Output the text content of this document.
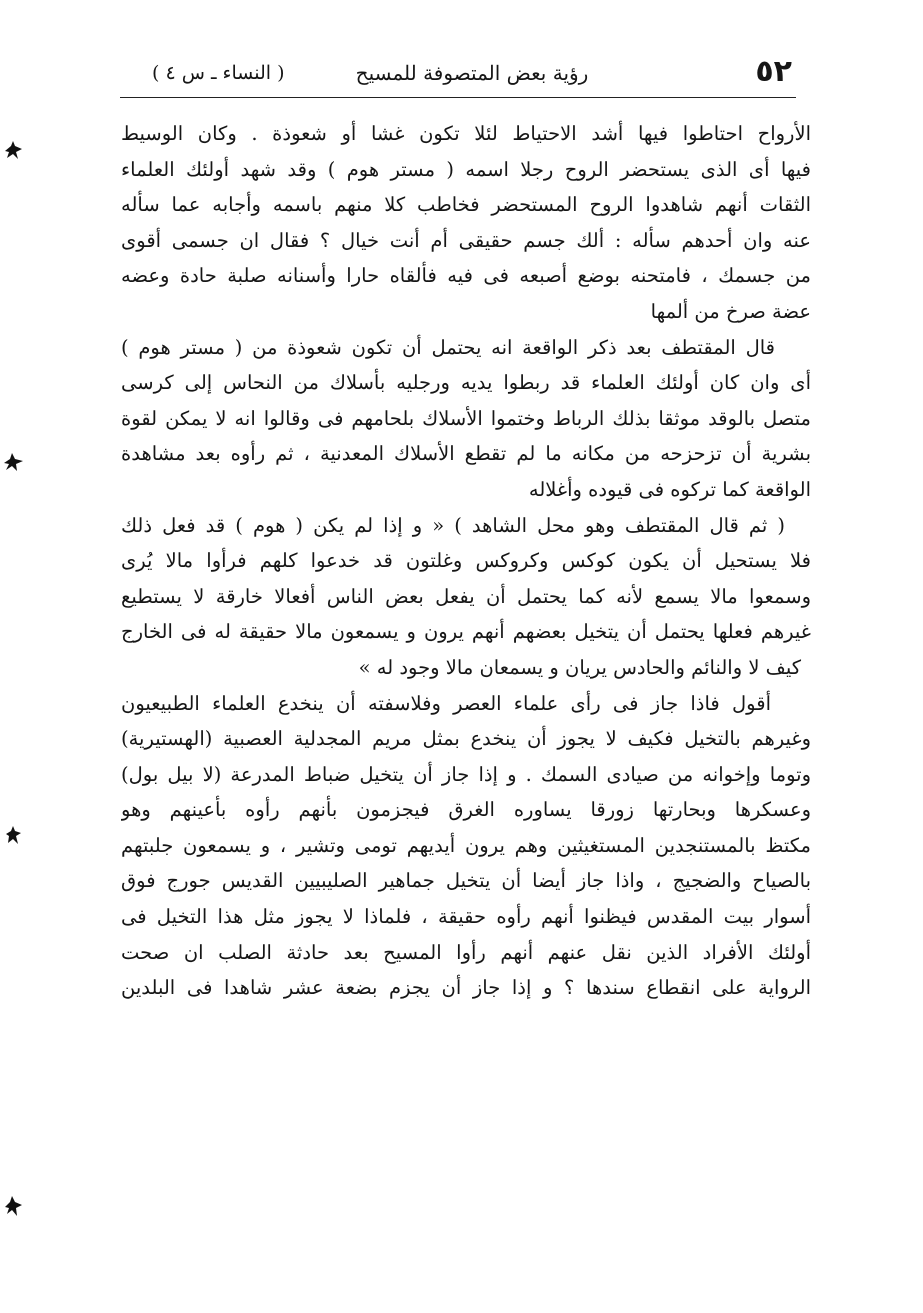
٥٢
رؤية بعض المتصوفة للمسيح
( النساء ـ س ٤ )

الأرواح احتاطوا فيها أشد الاحتياط لئلا تكون غشا أو شعوذة . وكان الوسيط
فيها أى الذى يستحضر الروح رجلا اسمه ( مستر هوم ) وقد شهد أولئك العلماء
الثقات أنهم شاهدوا الروح المستحضر فخاطب كلا منهم باسمه وأجابه عما سأله
عنه وان أحدهم سأله : ألك جسم حقيقى أم أنت خيال ؟ فقال ان جسمى أقوى
من جسمك ، فامتحنه بوضع أصبعه فى فيه فألقاه حارا وأسنانه صلبة حادة وعضه
عضة صرخ من ألمها

قال المقتطف بعد ذكر الواقعة انه يحتمل أن تكون شعوذة من ( مستر هوم )
أى وان كان أولئك العلماء قد ربطوا يديه ورجليه بأسلاك من النحاس إلى كرسى
متصل بالوقد موثقا بذلك الرباط وختموا الأسلاك بلحامهم فى وقالوا انه لا يمكن لقوة
بشرية أن تزحزحه من مكانه ما لم تقطع الأسلاك المعدنية ، ثم رأوه بعد مشاهدة
الواقعة كما تركوه فى قيوده وأغلاله

( ثم قال المقتطف وهو محل الشاهد ) « و إذا لم يكن ( هوم ) قد فعل ذلك
فلا يستحيل أن يكون كوكس وكروكس وغلتون قد خدعوا كلهم فرأوا مالا يُرى
وسمعوا مالا يسمع لأنه كما يحتمل أن يفعل بعض الناس أفعالا خارقة لا يستطيع
غيرهم فعلها يحتمل أن يتخيل بعضهم أنهم يرون و يسمعون مالا حقيقة له فى الخارج
كيف لا والنائم والحادس يريان و يسمعان مالا وجود له »

أقول فاذا جاز فى رأى علماء العصر وفلاسفته أن ينخدع العلماء الطبيعيون
وغيرهم بالتخيل فكيف لا يجوز أن ينخدع بمثل مريم المجدلية العصبية (الهستيرية)
وتوما وإخوانه من صيادى السمك . و إذا جاز أن يتخيل ضباط المدرعة (لا بيل بول)
وعسكرها وبحارتها زورقا يساوره الغرق فيجزمون بأنهم رأوه بأعينهم وهو
مكتظ بالمستنجدين المستغيثين وهم يرون أيديهم تومى وتشير ، و يسمعون جلبتهم
بالصياح والضجيج ، واذا جاز أيضا أن يتخيل جماهير الصليبيين القديس جورج فوق
أسوار بيت المقدس فيظنوا أنهم رأوه حقيقة ، فلماذا لا يجوز مثل هذا التخيل فى
أولئك الأفراد الذين نقل عنهم أنهم رأوا المسيح بعد حادثة الصلب ان صحت
الرواية على انقطاع سندها ؟ و إذا جاز أن يجزم بضعة عشر شاهدا فى البلدين
